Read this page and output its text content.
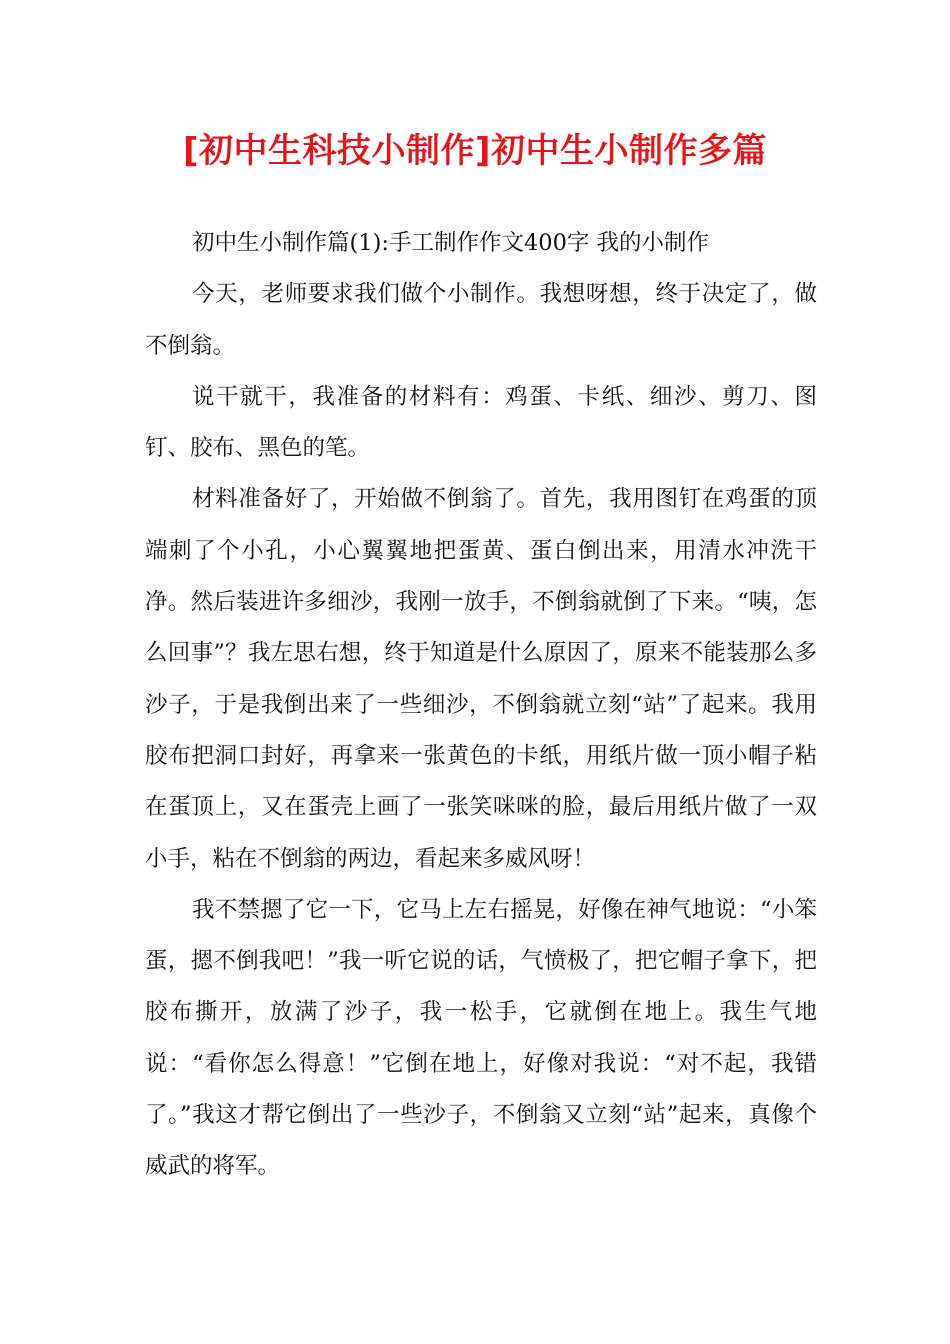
[初中生科技小制作]初中生小制作多篇

初中生小制作篇(1):手工制作作文400字 我的小制作

今天，老师要求我们做个小制作。我想呀想，终于决定了，做不倒翁。

说干就干，我准备的材料有：鸡蛋、卡纸、细沙、剪刀、图钉、胶布、黑色的笔。

材料准备好了，开始做不倒翁了。首先，我用图钉在鸡蛋的顶端刺了个小孔，小心翼翼地把蛋黄、蛋白倒出来，用清水冲洗干净。然后装进许多细沙，我刚一放手，不倒翁就倒了下来。“咦，怎么回事”？我左思右想，终于知道是什么原因了，原来不能装那么多沙子，于是我倒出来了一些细沙，不倒翁就立刻“站”了起来。我用胶布把洞口封好，再拿来一张黄色的卡纸，用纸片做一顶小帽子粘在蛋顶上，又在蛋壳上画了一张笑咪咪的脸，最后用纸片做了一双小手，粘在不倒翁的两边，看起来多威风呀！

我不禁摁了它一下，它马上左右摇晃，好像在神气地说：“小笨蛋，摁不倒我吧！”我一听它说的话，气愤极了，把它帽子拿下，把胶布撕开，放满了沙子，我一松手，它就倒在地上。我生气地说：“看你怎么得意！”它倒在地上，好像对我说：“对不起，我错了。”我这才帮它倒出了一些沙子，不倒翁又立刻“站”起来，真像个威武的将军。
